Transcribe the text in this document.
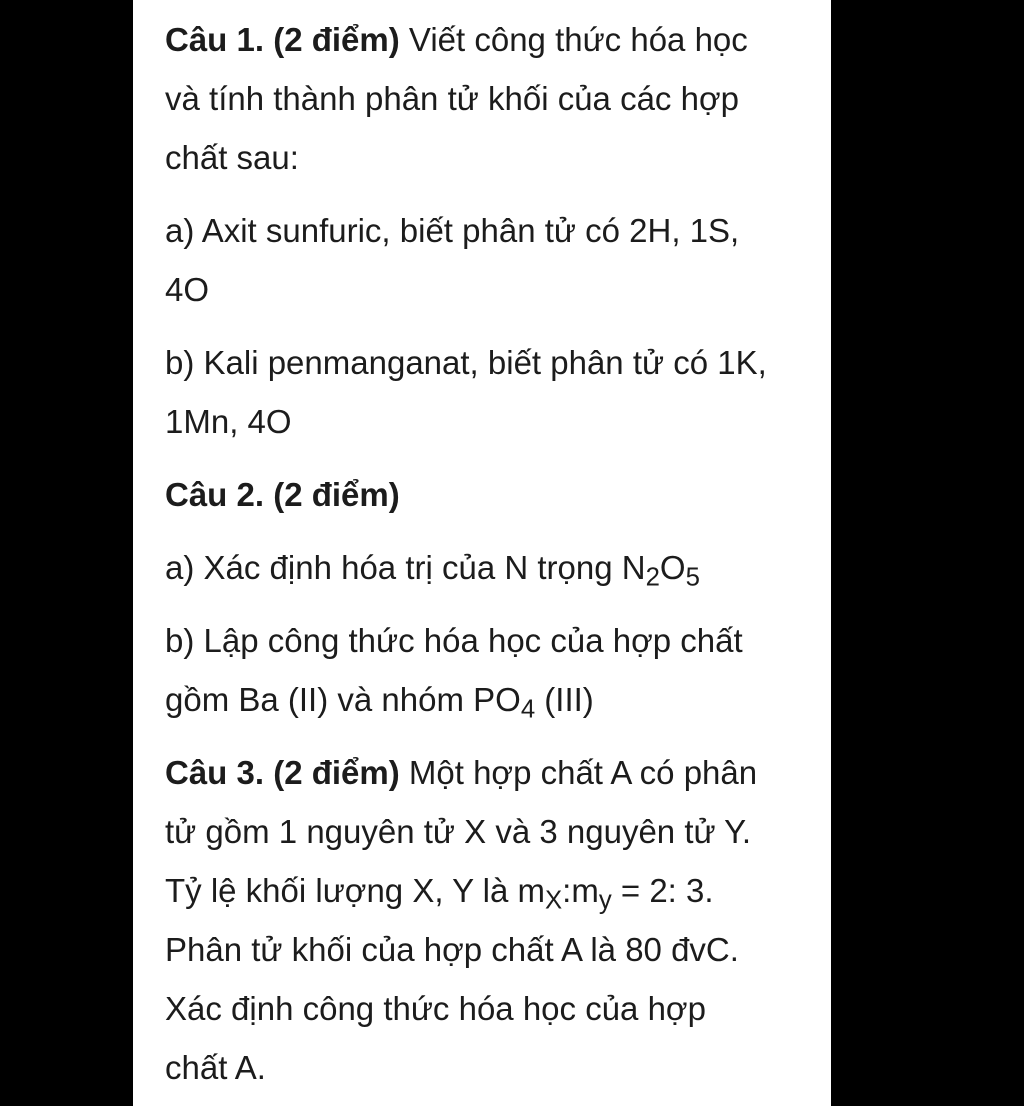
Câu 1. (2 điểm) Viết công thức hóa học
và tính thành phân tử khối của các hợp
chất sau:
a) Axit sunfuric, biết phân tử có 2H, 1S,
4O
b) Kali penmanganat, biết phân tử có 1K,
1Mn, 4O
Câu 2. (2 điểm)
a) Xác định hóa trị của N trọng $N_2O_5$
b) Lập công thức hóa học của hợp chất
gồm Ba (II) và nhóm $PO_4$ (III)
Câu 3. (2 điểm) Một hợp chất A có phân
tử gồm 1 nguyên tử X và 3 nguyên tử Y.
Tỷ lệ khối lượng X, Y là $m_X:m_y = 2$: 3.
Phân tử khối của hợp chất A là 80 đvC.
Xác định công thức hóa học của hợp
chất A.
